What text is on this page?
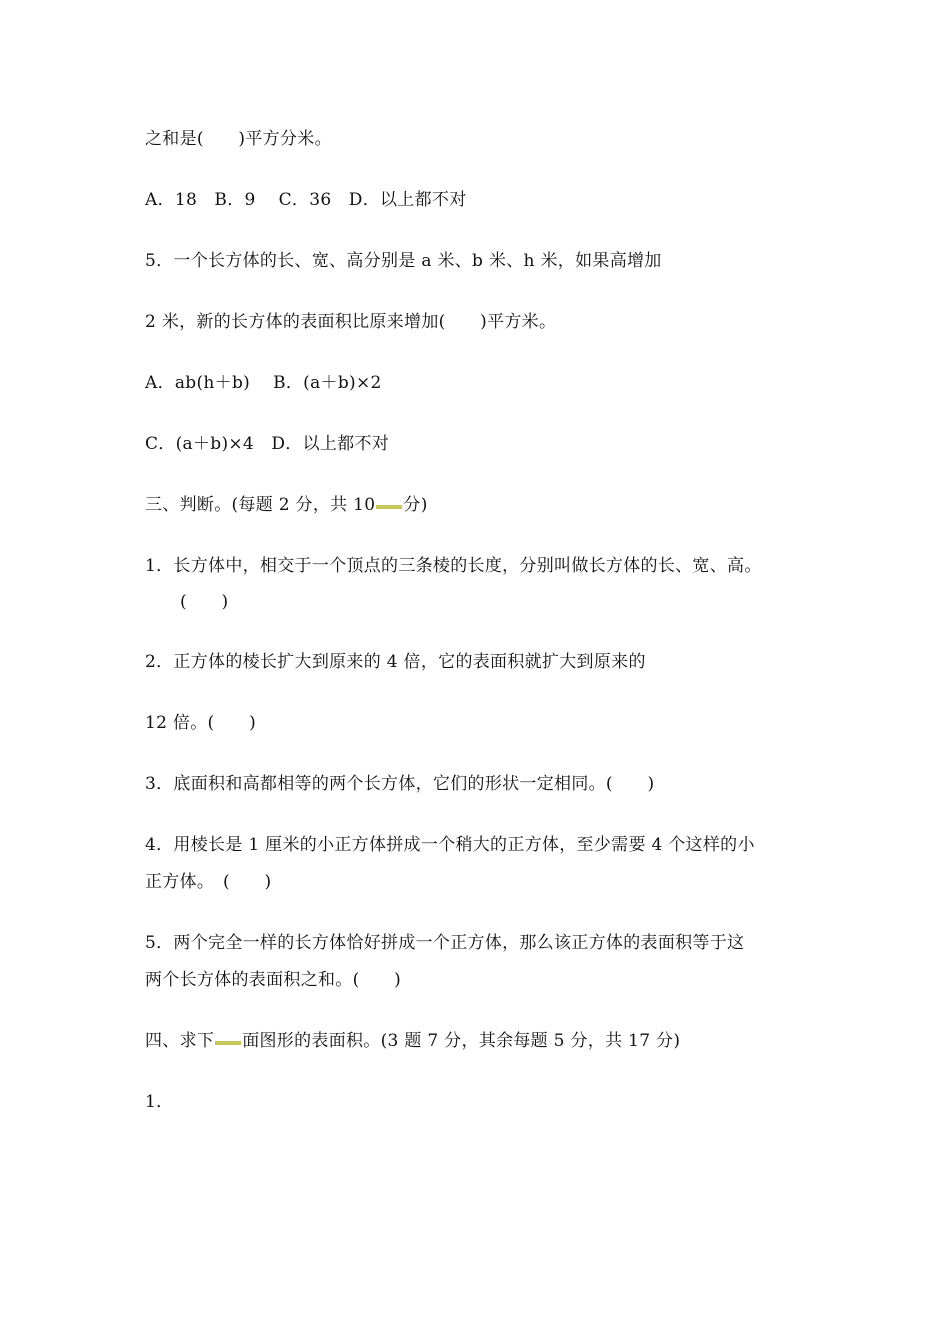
之和是(　　)平方分米。
A．18　B．9　 C．36　D．以上都不对
5．一个长方体的长、宽、高分别是 a 米、b 米、h 米，如果高增加
2 米，新的长方体的表面积比原来增加(　　)平方米。
A．ab(h＋b)　 B．(a＋b)×2
C．(a＋b)×4　D．以上都不对
三、判断。(每题 2 分，共 10 分)
1．长方体中，相交于一个顶点的三条棱的长度，分别叫做长方体的长、宽、高。
(　　)
2．正方体的棱长扩大到原来的 4 倍，它的表面积就扩大到原来的
12 倍。(　　)
3．底面积和高都相等的两个长方体，它们的形状一定相同。(　　)
4．用棱长是 1 厘米的小正方体拼成一个稍大的正方体，至少需要 4 个这样的小
正方体。　(　　)
5．两个完全一样的长方体恰好拼成一个正方体，那么该正方体的表面积等于这
两个长方体的表面积之和。(　　)
四、求下 面图形的表面积。(3 题 7 分，其余每题 5 分，共 17 分)
1．
